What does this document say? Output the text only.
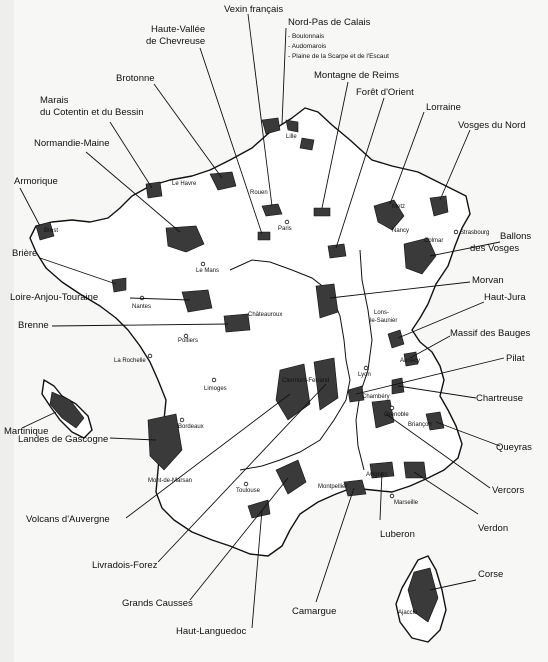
Vexin français
Nord-Pas de Calais
- Boulonnais
- Audomarois
- Plaine de la Scarpe et de l'Escaut
Haute-Vallée
de Chevreuse
Montagne de Reims
Forêt d'Orient
Brotonne
Marais
du Cotentin et du Bessin	Lorraine
Vosges du Nord
Normandie-Maine
Armorique
Brière
Ballons
des Vosges
Morvan
Loire-Anjou-Touraine	Haut-Jura
Brenne
Massif des Bauges
Pilat
Chartreuse
Martinique
Queyras
Landes de Gascogne
Vercors
Volcans d'Auvergne
Verdon
Luberon
Livradois-Forez
Corse
Grands Causses
Camargue
Haut-Languedoc
Lille
Le Havre
Rouen
Paris
Metz
Nancy	Strasbourg
Colmar
Brest
Le Mans
Nantes
Châteauroux
Poitiers
La Rochelle
Limoges
Lons-
le-Saunier
Lyon
Annecy
Chambéry
Grenoble
Briançon
Bordeaux
Clermont-Ferrand
Mont-de-Marsan
Toulouse
Montpellier
Avignon
Marseille
Ajaccio
